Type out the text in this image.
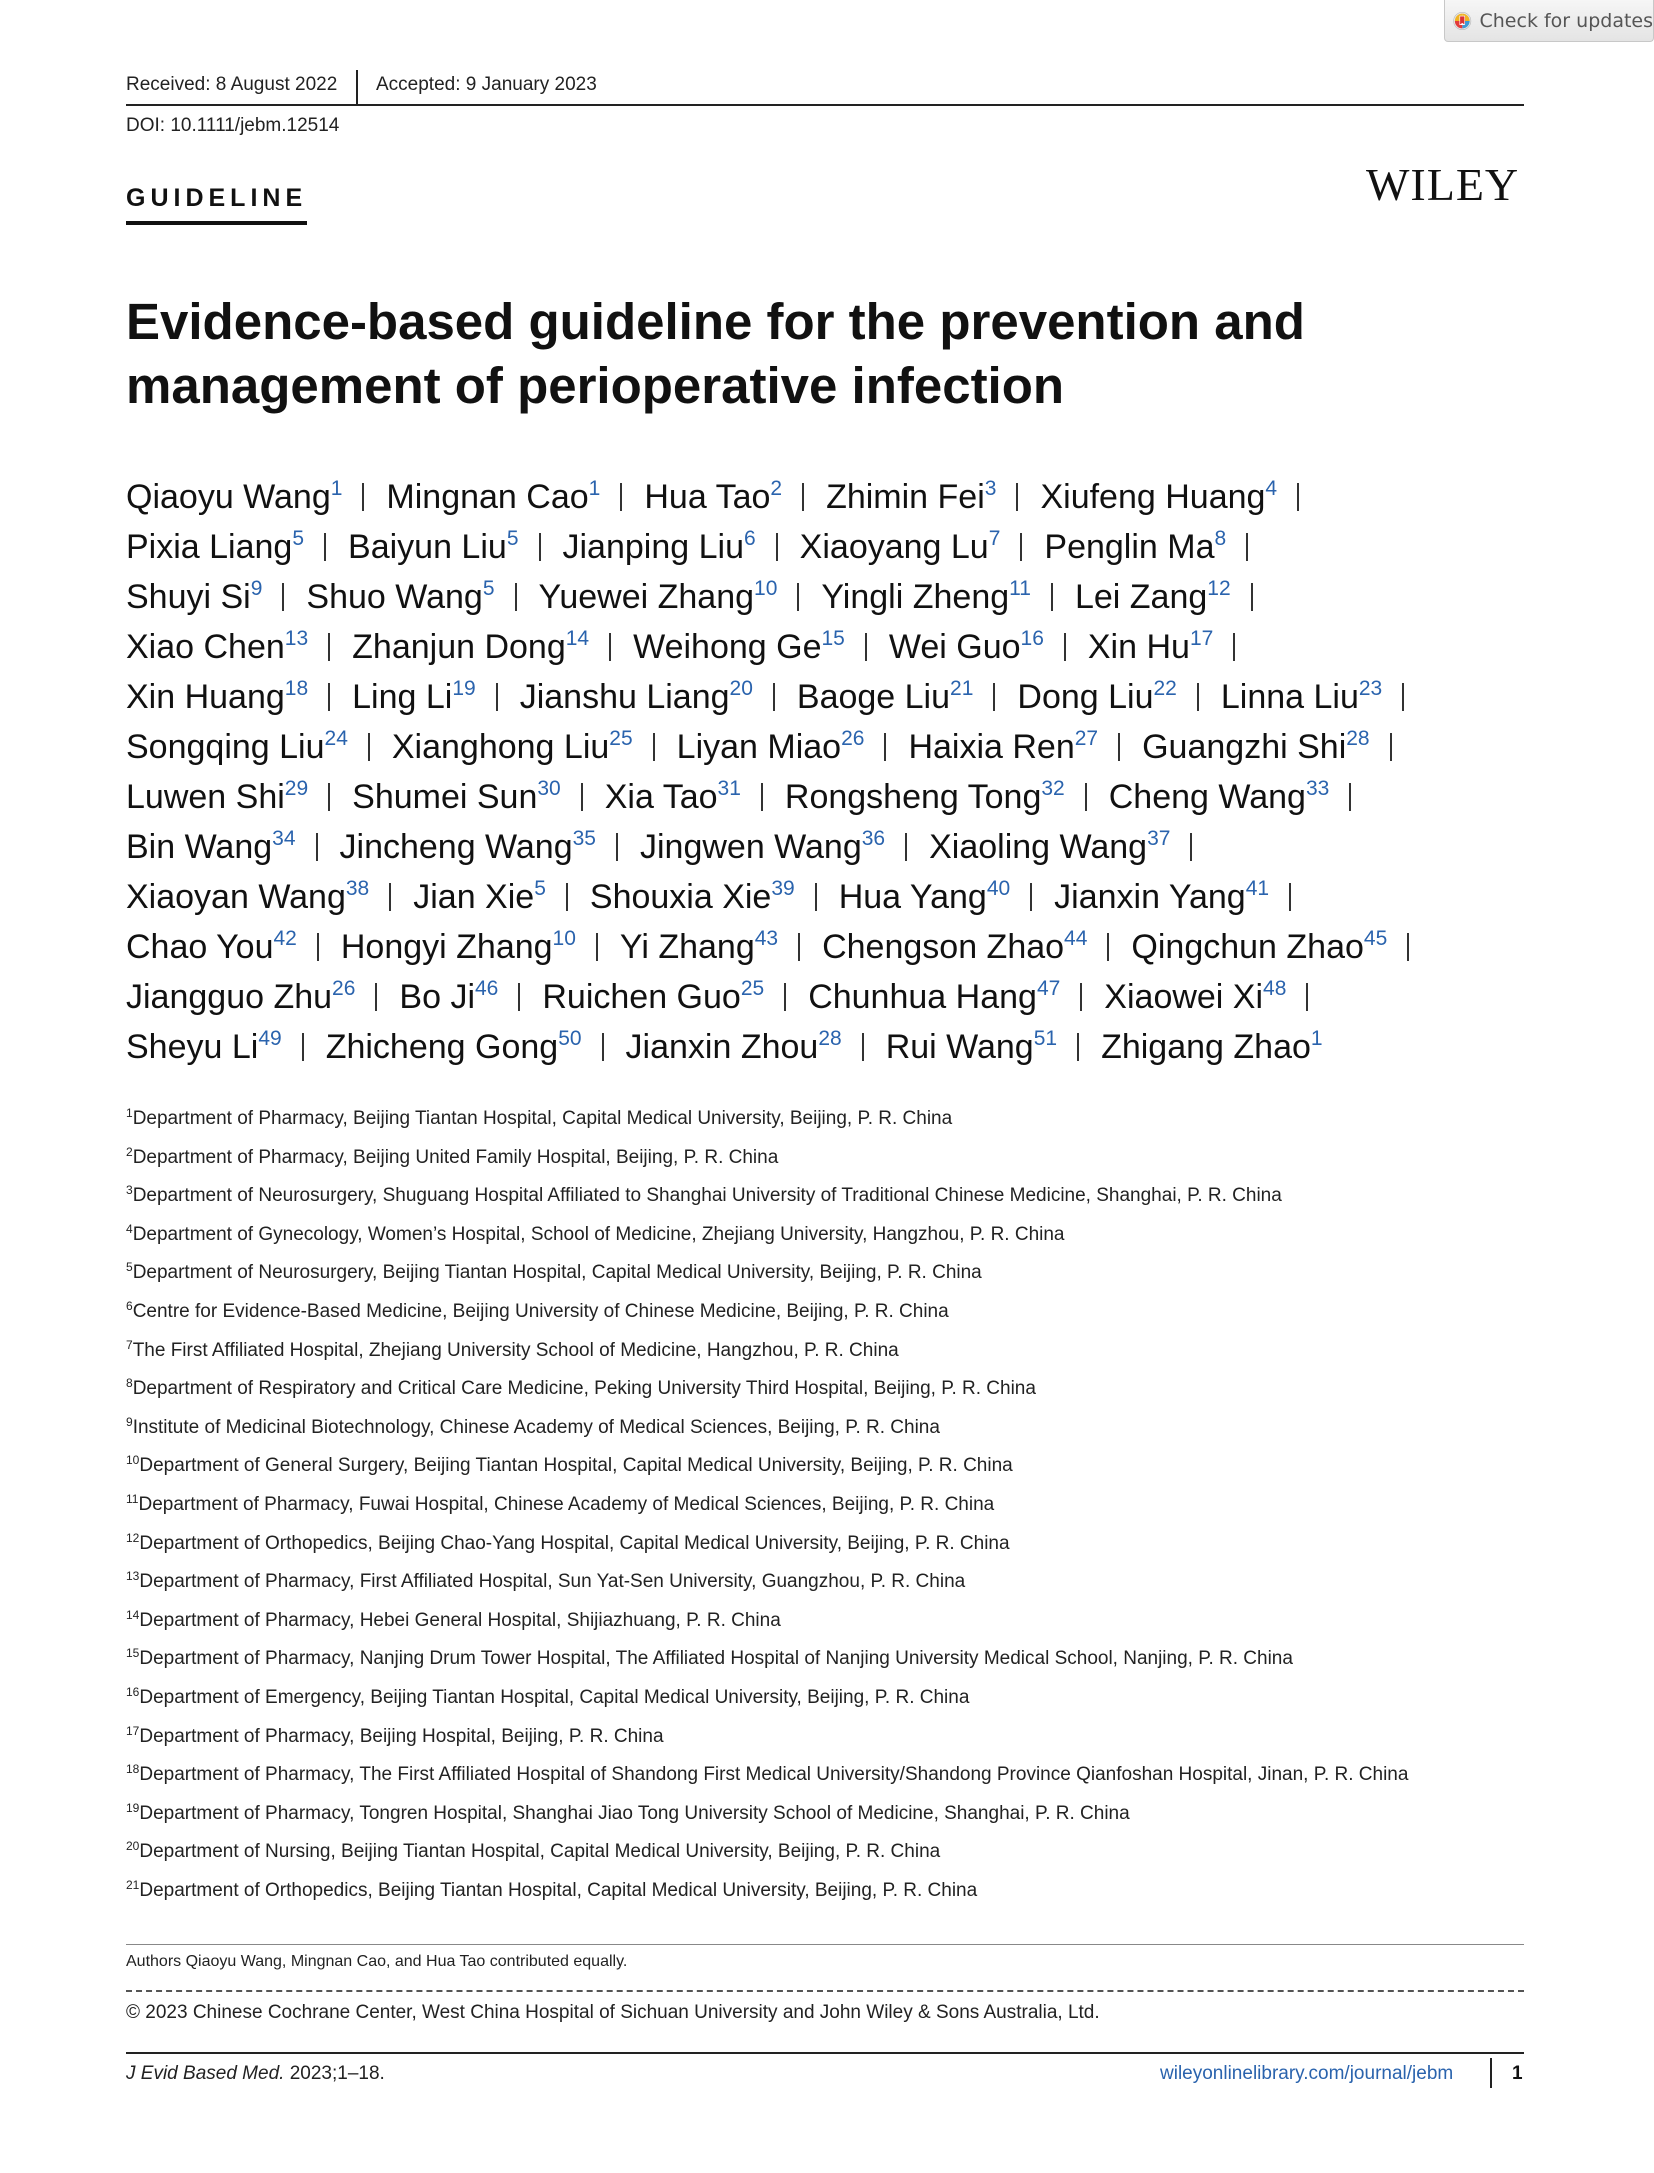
Check for updates
Received: 8 August 2022 Accepted: 9 January 2023
DOI: 10.1111/jebm.12514
GUIDELINE	WILEY
Evidence-based guideline for the prevention and management of perioperative infection
Qiaoyu Wang$^1$ Mingnan Cao$^1$ Hua Tao$^2$ Zhimin Fei$^3$ Xiufeng Huang$^4$
Pixia Liang$^5$ Baiyun Liu$^5$ Jianping Liu$^6$ Xiaoyang Lu$^7$ Penglin Ma$^8$
Shuyi Si$^9$ Shuo Wang$^5$ Yuewei Zhang$^{10}$ Yingli Zheng$^{11}$ Lei Zang$^{12}$
Xiao Chen$^{13}$ Zhanjun Dong$^{14}$ Weihong Ge$^{15}$ Wei Guo$^{16}$ Xin Hu$^{17}$
Xin Huang$^{18}$ Ling Li$^{19}$ Jianshu Liang$^{20}$ Baoge Liu$^{21}$ Dong Liu$^{22}$ Linna Liu$^{23}$
Songqing Liu$^{24}$ Xianghong Liu$^{25}$ Liyan Miao$^{26}$ Haixia Ren$^{27}$ Guangzhi Shi$^{28}$
Luwen Shi$^{29}$ Shumei Sun$^{30}$ Xia Tao$^{31}$ Rongsheng Tong$^{32}$ Cheng Wang$^{33}$
Bin Wang$^{34}$ Jincheng Wang$^{35}$ Jingwen Wang$^{36}$ Xiaoling Wang$^{37}$
Xiaoyan Wang$^{38}$ Jian Xie$^5$ Shouxia Xie$^{39}$ Hua Yang$^{40}$ Jianxin Yang$^{41}$
Chao You$^{42}$ Hongyi Zhang$^{10}$ Yi Zhang$^{43}$ Chengson Zhao$^{44}$ Qingchun Zhao$^{45}$
Jiangguo Zhu$^{26}$ Bo Ji$^{46}$ Ruichen Guo$^{25}$ Chunhua Hang$^{47}$ Xiaowei Xi$^{48}$
Sheyu Li$^{49}$ Zhicheng Gong$^{50}$ Jianxin Zhou$^{28}$ Rui Wang$^{51}$ Zhigang Zhao$^1$
$^1$Department of Pharmacy, Beijing Tiantan Hospital, Capital Medical University, Beijing, P. R. China
$^2$Department of Pharmacy, Beijing United Family Hospital, Beijing, P. R. China
$^3$Department of Neurosurgery, Shuguang Hospital Affiliated to Shanghai University of Traditional Chinese Medicine, Shanghai, P. R. China
$^4$Department of Gynecology, Women’s Hospital, School of Medicine, Zhejiang University, Hangzhou, P. R. China
$^5$Department of Neurosurgery, Beijing Tiantan Hospital, Capital Medical University, Beijing, P. R. China
$^6$Centre for Evidence-Based Medicine, Beijing University of Chinese Medicine, Beijing, P. R. China
$^7$The First Affiliated Hospital, Zhejiang University School of Medicine, Hangzhou, P. R. China
$^8$Department of Respiratory and Critical Care Medicine, Peking University Third Hospital, Beijing, P. R. China
$^9$Institute of Medicinal Biotechnology, Chinese Academy of Medical Sciences, Beijing, P. R. China
$^{10}$Department of General Surgery, Beijing Tiantan Hospital, Capital Medical University, Beijing, P. R. China
$^{11}$Department of Pharmacy, Fuwai Hospital, Chinese Academy of Medical Sciences, Beijing, P. R. China
$^{12}$Department of Orthopedics, Beijing Chao-Yang Hospital, Capital Medical University, Beijing, P. R. China
$^{13}$Department of Pharmacy, First Affiliated Hospital, Sun Yat-Sen University, Guangzhou, P. R. China
$^{14}$Department of Pharmacy, Hebei General Hospital, Shijiazhuang, P. R. China
$^{15}$Department of Pharmacy, Nanjing Drum Tower Hospital, The Affiliated Hospital of Nanjing University Medical School, Nanjing, P. R. China
$^{16}$Department of Emergency, Beijing Tiantan Hospital, Capital Medical University, Beijing, P. R. China
$^{17}$Department of Pharmacy, Beijing Hospital, Beijing, P. R. China
$^{18}$Department of Pharmacy, The First Affiliated Hospital of Shandong First Medical University/Shandong Province Qianfoshan Hospital, Jinan, P. R. China
$^{19}$Department of Pharmacy, Tongren Hospital, Shanghai Jiao Tong University School of Medicine, Shanghai, P. R. China
$^{20}$Department of Nursing, Beijing Tiantan Hospital, Capital Medical University, Beijing, P. R. China
$^{21}$Department of Orthopedics, Beijing Tiantan Hospital, Capital Medical University, Beijing, P. R. China
Authors Qiaoyu Wang, Mingnan Cao, and Hua Tao contributed equally.
© 2023 Chinese Cochrane Center, West China Hospital of Sichuan University and John Wiley & Sons Australia, Ltd.
J Evid Based Med. 2023;1–18.	wileyonlinelibrary.com/journal/jebm	1
